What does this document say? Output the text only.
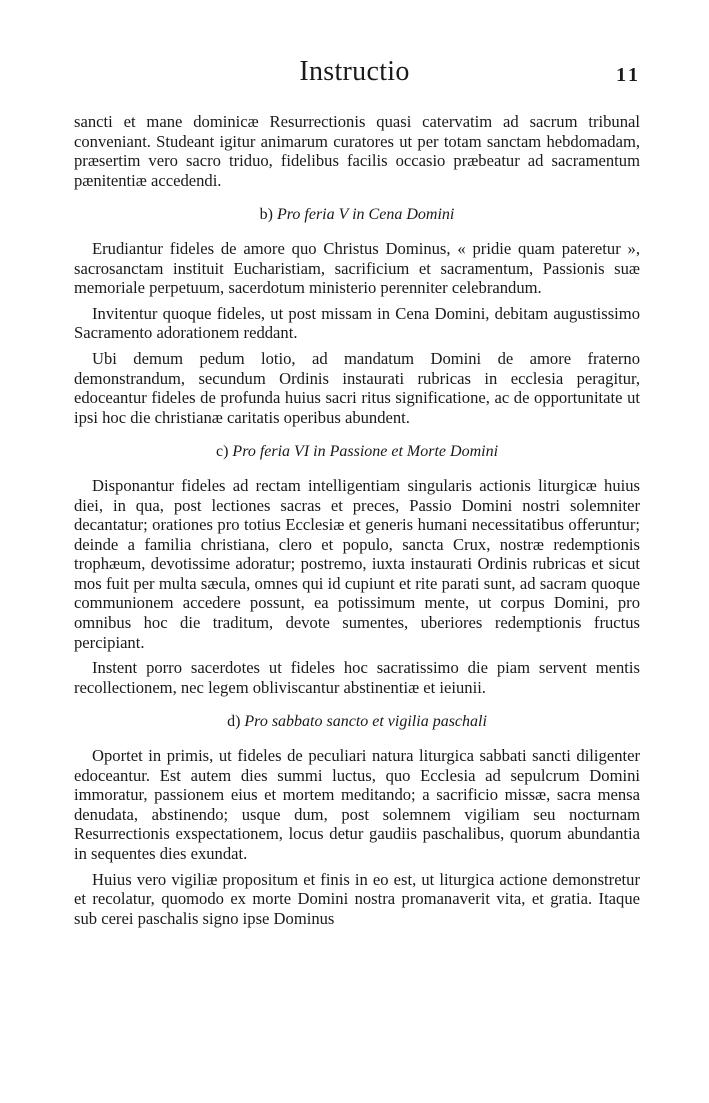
Instructio	11

sancti et mane dominicæ Resurrectionis quasi catervatim ad sacrum tribunal conveniant. Studeant igitur animarum curatores ut per totam sanctam hebdomadam, præsertim vero sacro triduo, fidelibus facilis occasio præbeatur ad sacramentum pænitentiæ accedendi.

b) Pro feria V in Cena Domini

Erudiantur fideles de amore quo Christus Dominus, « pridie quam pateretur », sacrosanctam instituit Eucharistiam, sacrificium et sacramentum, Passionis suæ memoriale perpetuum, sacerdotum ministerio perenniter celebrandum.

Invitentur quoque fideles, ut post missam in Cena Domini, debitam augustissimo Sacramento adorationem reddant.

Ubi demum pedum lotio, ad mandatum Domini de amore fraterno demonstrandum, secundum Ordinis instaurati rubricas in ecclesia peragitur, edoceantur fideles de profunda huius sacri ritus significatione, ac de opportunitate ut ipsi hoc die christianæ caritatis operibus abundent.

c) Pro feria VI in Passione et Morte Domini

Disponantur fideles ad rectam intelligentiam singularis actionis liturgicæ huius diei, in qua, post lectiones sacras et preces, Passio Domini nostri solemniter decantatur; orationes pro totius Ecclesiæ et generis humani necessitatibus offeruntur; deinde a familia christiana, clero et populo, sancta Crux, nostræ redemptionis trophæum, devotissime adoratur; postremo, iuxta instaurati Ordinis rubricas et sicut mos fuit per multa sæcula, omnes qui id cupiunt et rite parati sunt, ad sacram quoque communionem accedere possunt, ea potissimum mente, ut corpus Domini, pro omnibus hoc die traditum, devote sumentes, uberiores redemptionis fructus percipiant.

Instent porro sacerdotes ut fideles hoc sacratissimo die piam servent mentis recollectionem, nec legem obliviscantur abstinentiæ et ieiunii.

d) Pro sabbato sancto et vigilia paschali

Oportet in primis, ut fideles de peculiari natura liturgica sabbati sancti diligenter edoceantur. Est autem dies summi luctus, quo Ecclesia ad sepulcrum Domini immoratur, passionem eius et mortem meditando; a sacrificio missæ, sacra mensa denudata, abstinendo; usque dum, post solemnem vigiliam seu nocturnam Resurrectionis exspectationem, locus detur gaudiis paschalibus, quorum abundantia in sequentes dies exundat.

Huius vero vigiliæ propositum et finis in eo est, ut liturgica actione demonstretur et recolatur, quomodo ex morte Domini nostra promanaverit vita, et gratia. Itaque sub cerei paschalis signo ipse Dominus
